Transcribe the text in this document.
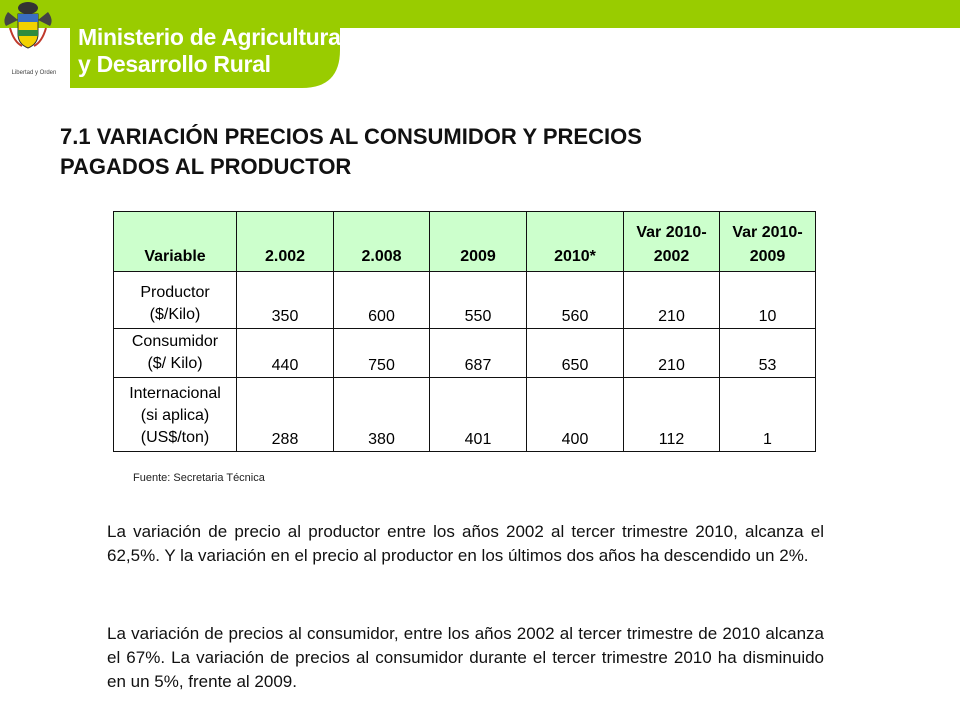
Libertad y Orden
Ministerio de Agricultura
y Desarrollo Rural
7.1 VARIACIÓN PRECIOS AL CONSUMIDOR Y PRECIOS
PAGADOS AL PRODUCTOR
Variable	2.002	2.008	2009	2010*	Var 2010- 2002	Var 2010- 2009

Productor
($/Kilo)	350	600	550	560	210	10

Consumidor
($/ Kilo)	440	750	687	650	210	53

Internacional
(si aplica)
(US$/ton)	288	380	401	400	112	1
Fuente: Secretaria Técnica

La variación de precio al productor entre los años 2002 al tercer trimestre 2010, alcanza el 62,5%. Y la variación en el precio al productor en los últimos dos años ha descendido un 2%.

La variación de precios al consumidor, entre los años 2002 al tercer trimestre de 2010 alcanza el 67%. La variación de precios al consumidor durante el tercer trimestre 2010 ha disminuido en un 5%, frente al 2009.
